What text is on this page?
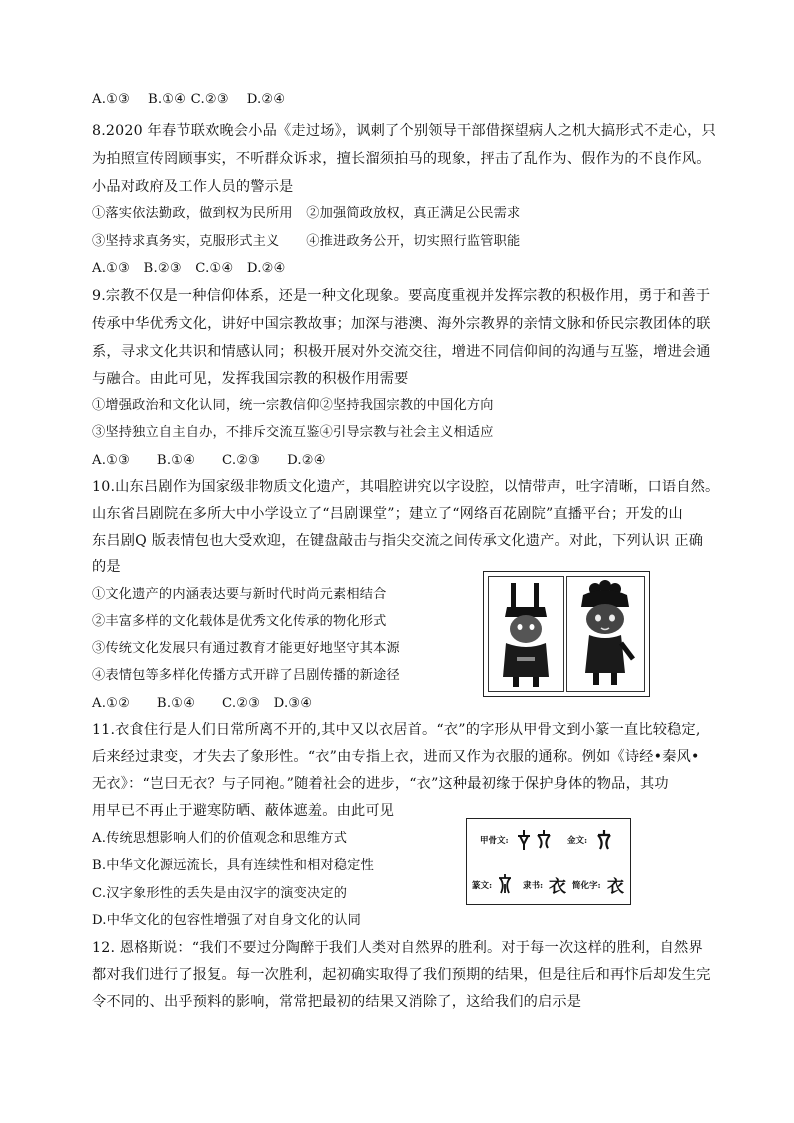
A.①③　 B.①④ C.②③　 D.②④
8.2020 年春节联欢晚会小品《走过场》，讽刺了个别领导干部借探望病人之机大搞形式不走心，只
为拍照宣传罔顾事实，不听群众诉求，擅长溜须拍马的现象，抨击了乱作为、假作为的不良作风。
小品对政府及工作人员的警示是
①落实依法勤政，做到权为民所用　②加强简政放权，真正满足公民需求
③坚持求真务实，克服形式主义　　④推进政务公开，切实照行监管职能
A.①③　B.②③　C.①④　D.②④
9.宗教不仅是一种信仰体系，还是一种文化现象。要高度重视并发挥宗教的积极作用，勇于和善于
传承中华优秀文化，讲好中国宗教故事；加深与港澳、海外宗教界的亲情文脉和侨民宗教团体的联
系，寻求文化共识和情感认同；积极开展对外交流交往，增进不同信仰间的沟通与互鉴，增进会通
与融合。由此可见，发挥我国宗教的积极作用需要
①增强政治和文化认同，统一宗教信仰②坚持我国宗教的中国化方向
③坚持独立自主自办，不排斥交流互鉴④引导宗教与社会主义相适应
A.①③　　B.①④　　C.②③　　D.②④
10.山东吕剧作为国家级非物质文化遗产，其唱腔讲究以字设腔，以情带声，吐字清晰，口语自然。
山东省吕剧院在多所大中小学设立了“吕剧课堂”；建立了“网络百花剧院”直播平台；开发的山
东吕剧Q 版表情包也大受欢迎，在键盘敲击与指尖交流之间传承文化遗产。对此，下列认识 正确
的是
①文化遗产的内涵表达要与新时代时尚元素相结合
②丰富多样的文化载体是优秀文化传承的物化形式
③传统文化发展只有通过教育才能更好地坚守其本源
④表情包等多样化传播方式开辟了吕剧传播的新途径
A.①②　　B.①④　　C.②③　D.③④
11.衣食住行是人们日常所离不开的,其中又以衣居首。“衣”的字形从甲骨文到小篆一直比较稳定,
后来经过隶变，才失去了象形性。“衣”由专指上衣，进而又作为衣服的通称。例如《诗经•秦风•
无衣》：“岂曰无衣？与子同袍。”随着社会的进步，“衣”这种最初缘于保护身体的物品，其功
用早已不再止于避寒防晒、蔽体遮羞。由此可见
A.传统思想影响人们的价值观念和思维方式
B.中华文化源远流长，具有连续性和相对稳定性
C.汉字象形性的丢失是由汉字的演变决定的
D.中华文化的包容性增强了对自身文化的认同
甲骨文:	金文:
篆文:	隶书: 衣 简化字: 衣
12. 恩格斯说：“我们不要过分陶醉于我们人类对自然界的胜利。对于每一次这样的胜利，自然界
都对我们进行了报复。每一次胜利，起初确实取得了我们预期的结果，但是往后和再忭后却发生完
令不同的、出乎预料的影响，常常把最初的结果又消除了，这给我们的启示是
